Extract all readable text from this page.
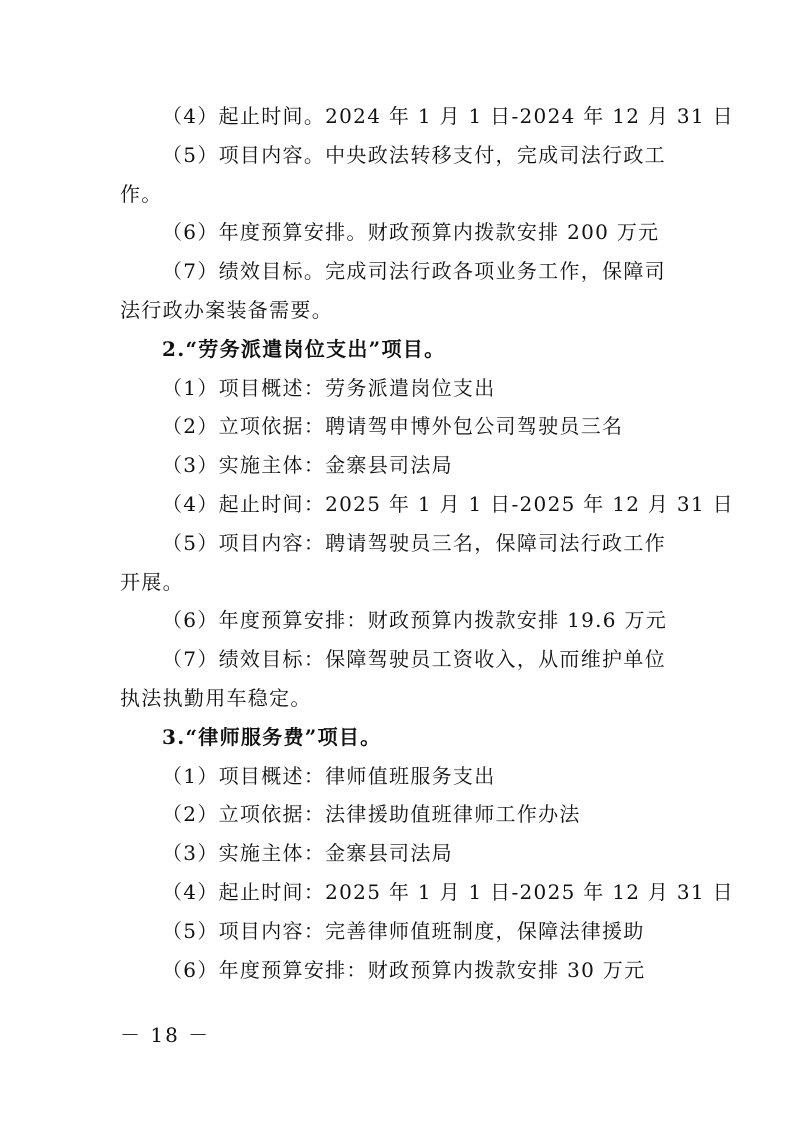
（4）起止时间。2024 年 1 月 1 日-2024 年 12 月 31 日

（5）项目内容。中央政法转移支付，完成司法行政工

作。

（6）年度预算安排。财政预算内拨款安排 200 万元

（7）绩效目标。完成司法行政各项业务工作，保障司

法行政办案装备需要。

2.“劳务派遣岗位支出”项目。

（1）项目概述：劳务派遣岗位支出

（2）立项依据：聘请驾申博外包公司驾驶员三名

（3）实施主体：金寨县司法局

（4）起止时间：2025 年 1 月 1 日-2025 年 12 月 31 日

（5）项目内容：聘请驾驶员三名，保障司法行政工作

开展。

（6）年度预算安排：财政预算内拨款安排 19.6 万元

（7）绩效目标：保障驾驶员工资收入，从而维护单位

执法执勤用车稳定。

3.“律师服务费”项目。

（1）项目概述：律师值班服务支出

（2）立项依据：法律援助值班律师工作办法

（3）实施主体：金寨县司法局

（4）起止时间：2025 年 1 月 1 日-2025 年 12 月 31 日

（5）项目内容：完善律师值班制度，保障法律援助

（6）年度预算安排：财政预算内拨款安排 30 万元

－ 18 －
